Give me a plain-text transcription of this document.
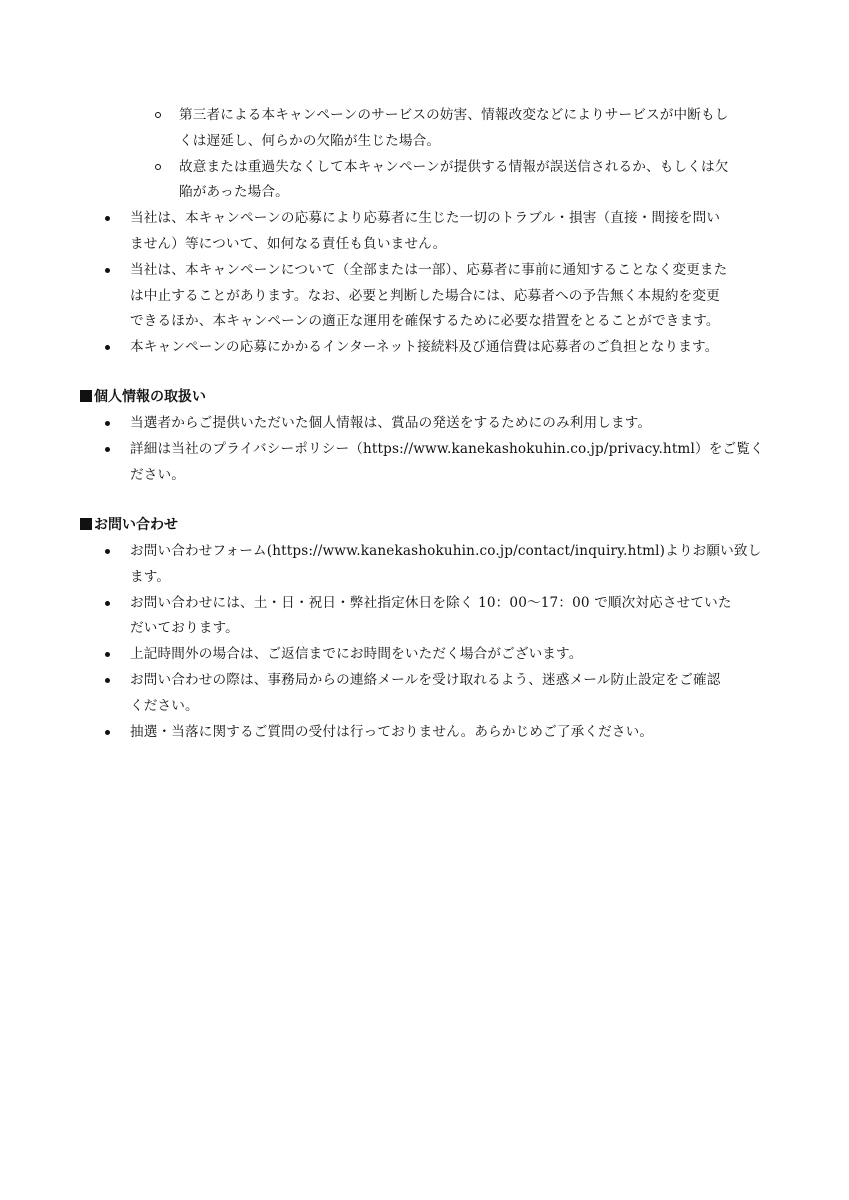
第三者による本キャンペーンのサービスの妨害、情報改変などによりサービスが中断もし
くは遅延し、何らかの欠陥が生じた場合。
故意または重過失なくして本キャンペーンが提供する情報が誤送信されるか、もしくは欠
陥があった場合。
当社は、本キャンペーンの応募により応募者に生じた一切のトラブル・損害（直接・間接を問い
ません）等について、如何なる責任も負いません。
当社は、本キャンペーンについて（全部または一部）、応募者に事前に通知することなく変更また
は中止することがあります。なお、必要と判断した場合には、応募者への予告無く本規約を変更
できるほか、本キャンペーンの適正な運用を確保するために必要な措置をとることができます。
本キャンペーンの応募にかかるインターネット接続料及び通信費は応募者のご負担となります。
個人情報の取扱い
当選者からご提供いただいた個人情報は、賞品の発送をするためにのみ利用します。
詳細は当社のプライバシーポリシー（https://www.kanekashokuhin.co.jp/privacy.html）をご覧く
ださい。
お問い合わせ
お問い合わせフォーム(https://www.kanekashokuhin.co.jp/contact/inquiry.html)よりお願い致し
ます。
お問い合わせには、土・日・祝日・弊社指定休日を除く 10：00～17：00 で順次対応させていた
だいております。
上記時間外の場合は、ご返信までにお時間をいただく場合がございます。
お問い合わせの際は、事務局からの連絡メールを受け取れるよう、迷惑メール防止設定をご確認
ください。
抽選・当落に関するご質問の受付は行っておりません。あらかじめご了承ください。
